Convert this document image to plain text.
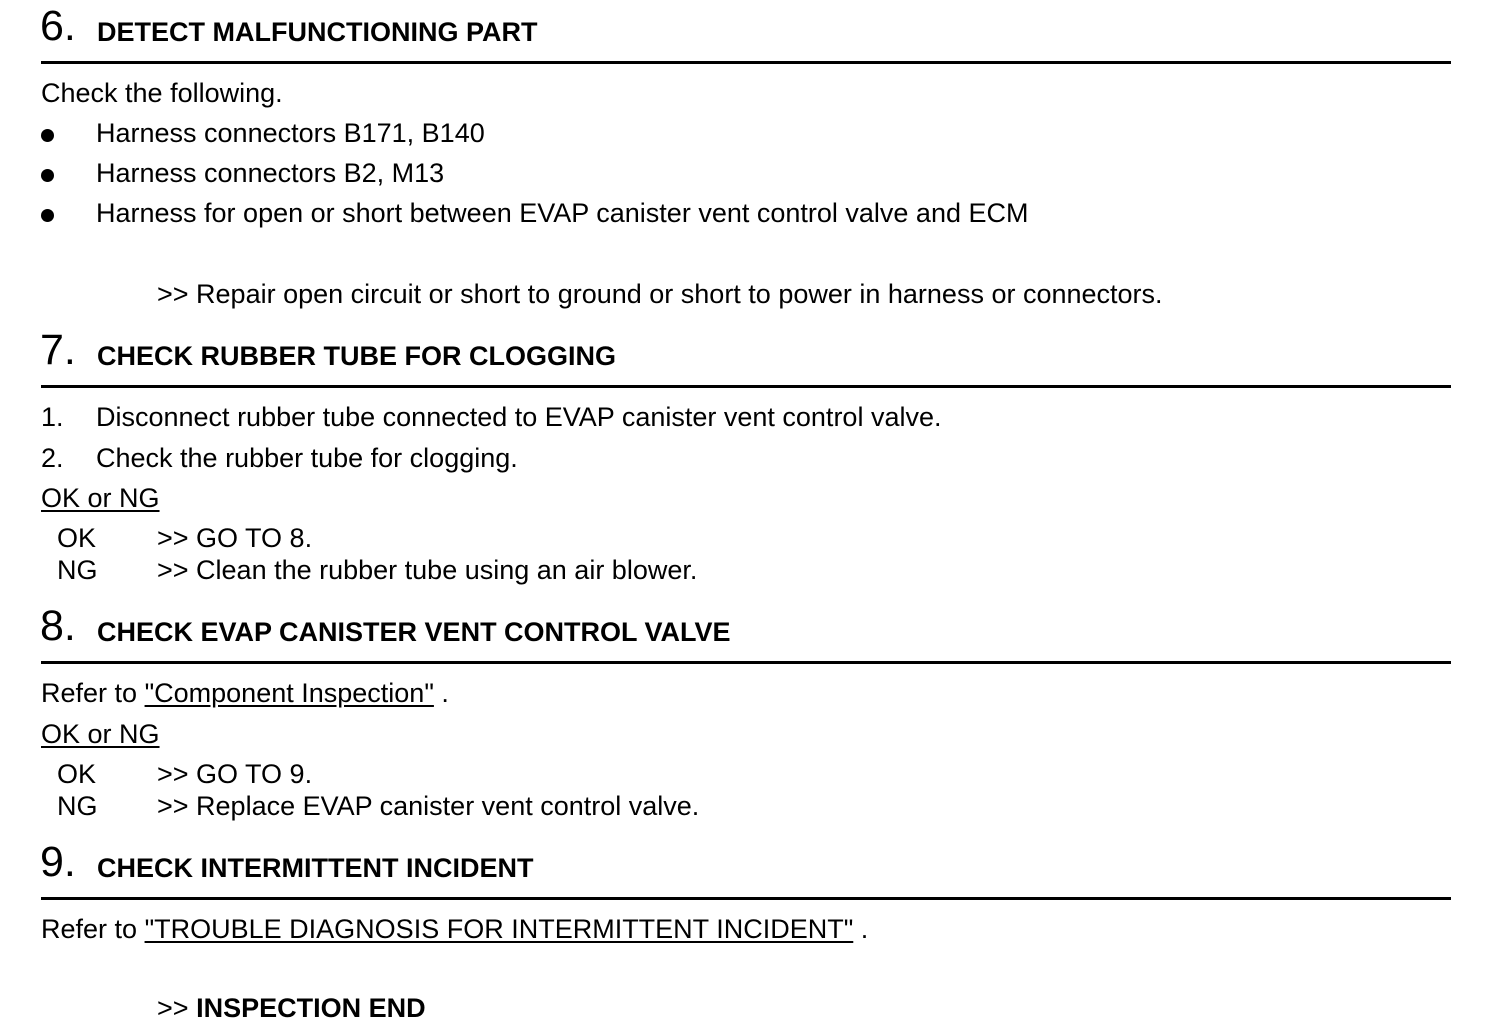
6. DETECT MALFUNCTIONING PART
Check the following.
Harness connectors B171, B140
Harness connectors B2, M13
Harness for open or short between EVAP canister vent control valve and ECM
>> Repair open circuit or short to ground or short to power in harness or connectors.
7. CHECK RUBBER TUBE FOR CLOGGING
1. Disconnect rubber tube connected to EVAP canister vent control valve.
2. Check the rubber tube for clogging.
OK or NG
OK >> GO TO 8.
NG >> Clean the rubber tube using an air blower.
8. CHECK EVAP CANISTER VENT CONTROL VALVE
Refer to "Component Inspection" .
OK or NG
OK >> GO TO 9.
NG >> Replace EVAP canister vent control valve.
9. CHECK INTERMITTENT INCIDENT
Refer to "TROUBLE DIAGNOSIS FOR INTERMITTENT INCIDENT" .
>> INSPECTION END
